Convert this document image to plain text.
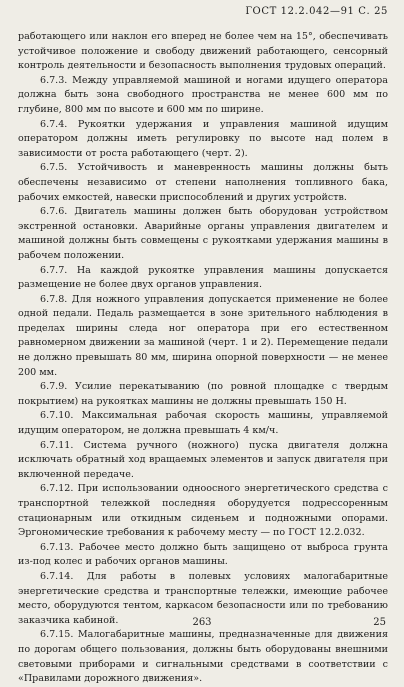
ГОСТ 12.2.042—91 С. 25

работающего или наклон его вперед не более чем на 15°, обеспечивать устойчивое положение и свободу движений работающего, сенсорный контроль деятельности и безопасность выполнения трудовых операций.

6.7.3. Между управляемой машиной и ногами идущего оператора должна быть зона свободного пространства не менее 600 мм по глубине, 800 мм по высоте и 600 мм по ширине.

6.7.4. Рукоятки удержания и управления машиной идущим оператором должны иметь регулировку по высоте над полем в зависимости от роста работающего (черт. 2).

6.7.5. Устойчивость и маневренность машины должны быть обеспечены независимо от степени наполнения топливного бака, рабочих емкостей, навески приспособлений и других устройств.

6.7.6. Двигатель машины должен быть оборудован устройством экстренной остановки. Аварийные органы управления двигателем и машиной должны быть совмещены с рукоятками удержания машины в рабочем положении.

6.7.7. На каждой рукоятке управления машины допускается размещение не более двух органов управления.

6.7.8. Для ножного управления допускается применение не более одной педали. Педаль размещается в зоне зрительного наблюдения в пределах ширины следа ног оператора при его естественном равномерном движении за машиной (черт. 1 и 2). Перемещение педали не должно превышать 80 мм, ширина опорной поверхности — не менее 200 мм.

6.7.9. Усилие перекатыванию (по ровной площадке с твердым покрытием) на рукоятках машины не должны превышать 150 Н.

6.7.10. Максимальная рабочая скорость машины, управляемой идущим оператором, не должна превышать 4 км/ч.

6.7.11. Система ручного (ножного) пуска двигателя должна исключать обратный ход вращаемых элементов и запуск двигателя при включенной передаче.

6.7.12. При использовании одноосного энергетического средства с транспортной тележкой последняя оборудуется подрессоренным стационарным или откидным сиденьем и подножными опорами. Эргономические требования к рабочему месту — по ГОСТ 12.2.032.

6.7.13. Рабочее место должно быть защищено от выброса грунта из-под колес и рабочих органов машины.

6.7.14. Для работы в полевых условиях малогабаритные энергетические средства и транспортные тележки, имеющие рабочее место, оборудуются тентом, каркасом безопасности или по требованию заказчика кабиной.

6.7.15. Малогабаритные машины, предназначенные для движения по дорогам общего пользования, должны быть оборудованы внешними световыми приборами и сигнальными средствами в соответствии с «Правилами дорожного движения».

263	25
